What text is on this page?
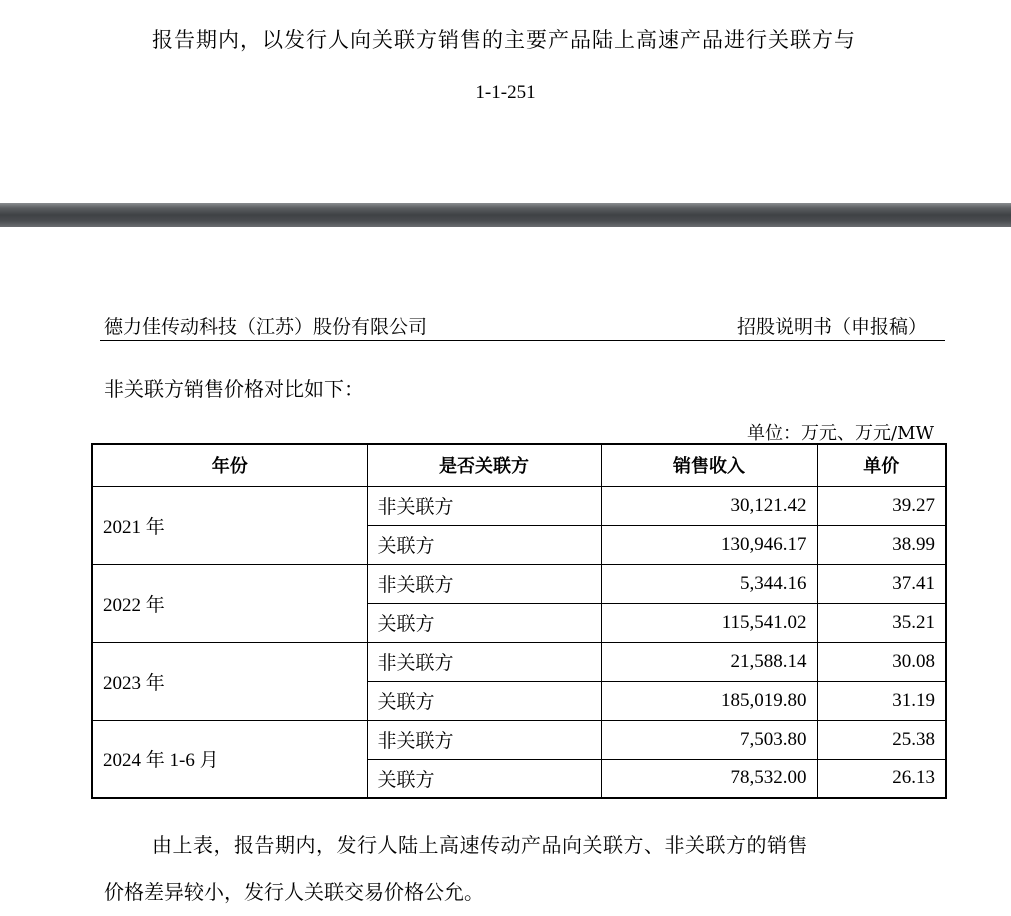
报告期内，以发行人向关联方销售的主要产品陆上高速产品进行关联方与
1-1-251
德力佳传动科技（江苏）股份有限公司	招股说明书（申报稿）
非关联方销售价格对比如下：
单位：万元、万元/MW
年份	是否关联方	销售收入	单价
2021 年	非关联方	30,121.42	39.27
	关联方	130,946.17	38.99
2022 年	非关联方	5,344.16	37.41
	关联方	115,541.02	35.21
2023 年	非关联方	21,588.14	30.08
	关联方	185,019.80	31.19
2024 年 1-6 月	非关联方	7,503.80	25.38
	关联方	78,532.00	26.13
由上表，报告期内，发行人陆上高速传动产品向关联方、非关联方的销售
价格差异较小，发行人关联交易价格公允。
